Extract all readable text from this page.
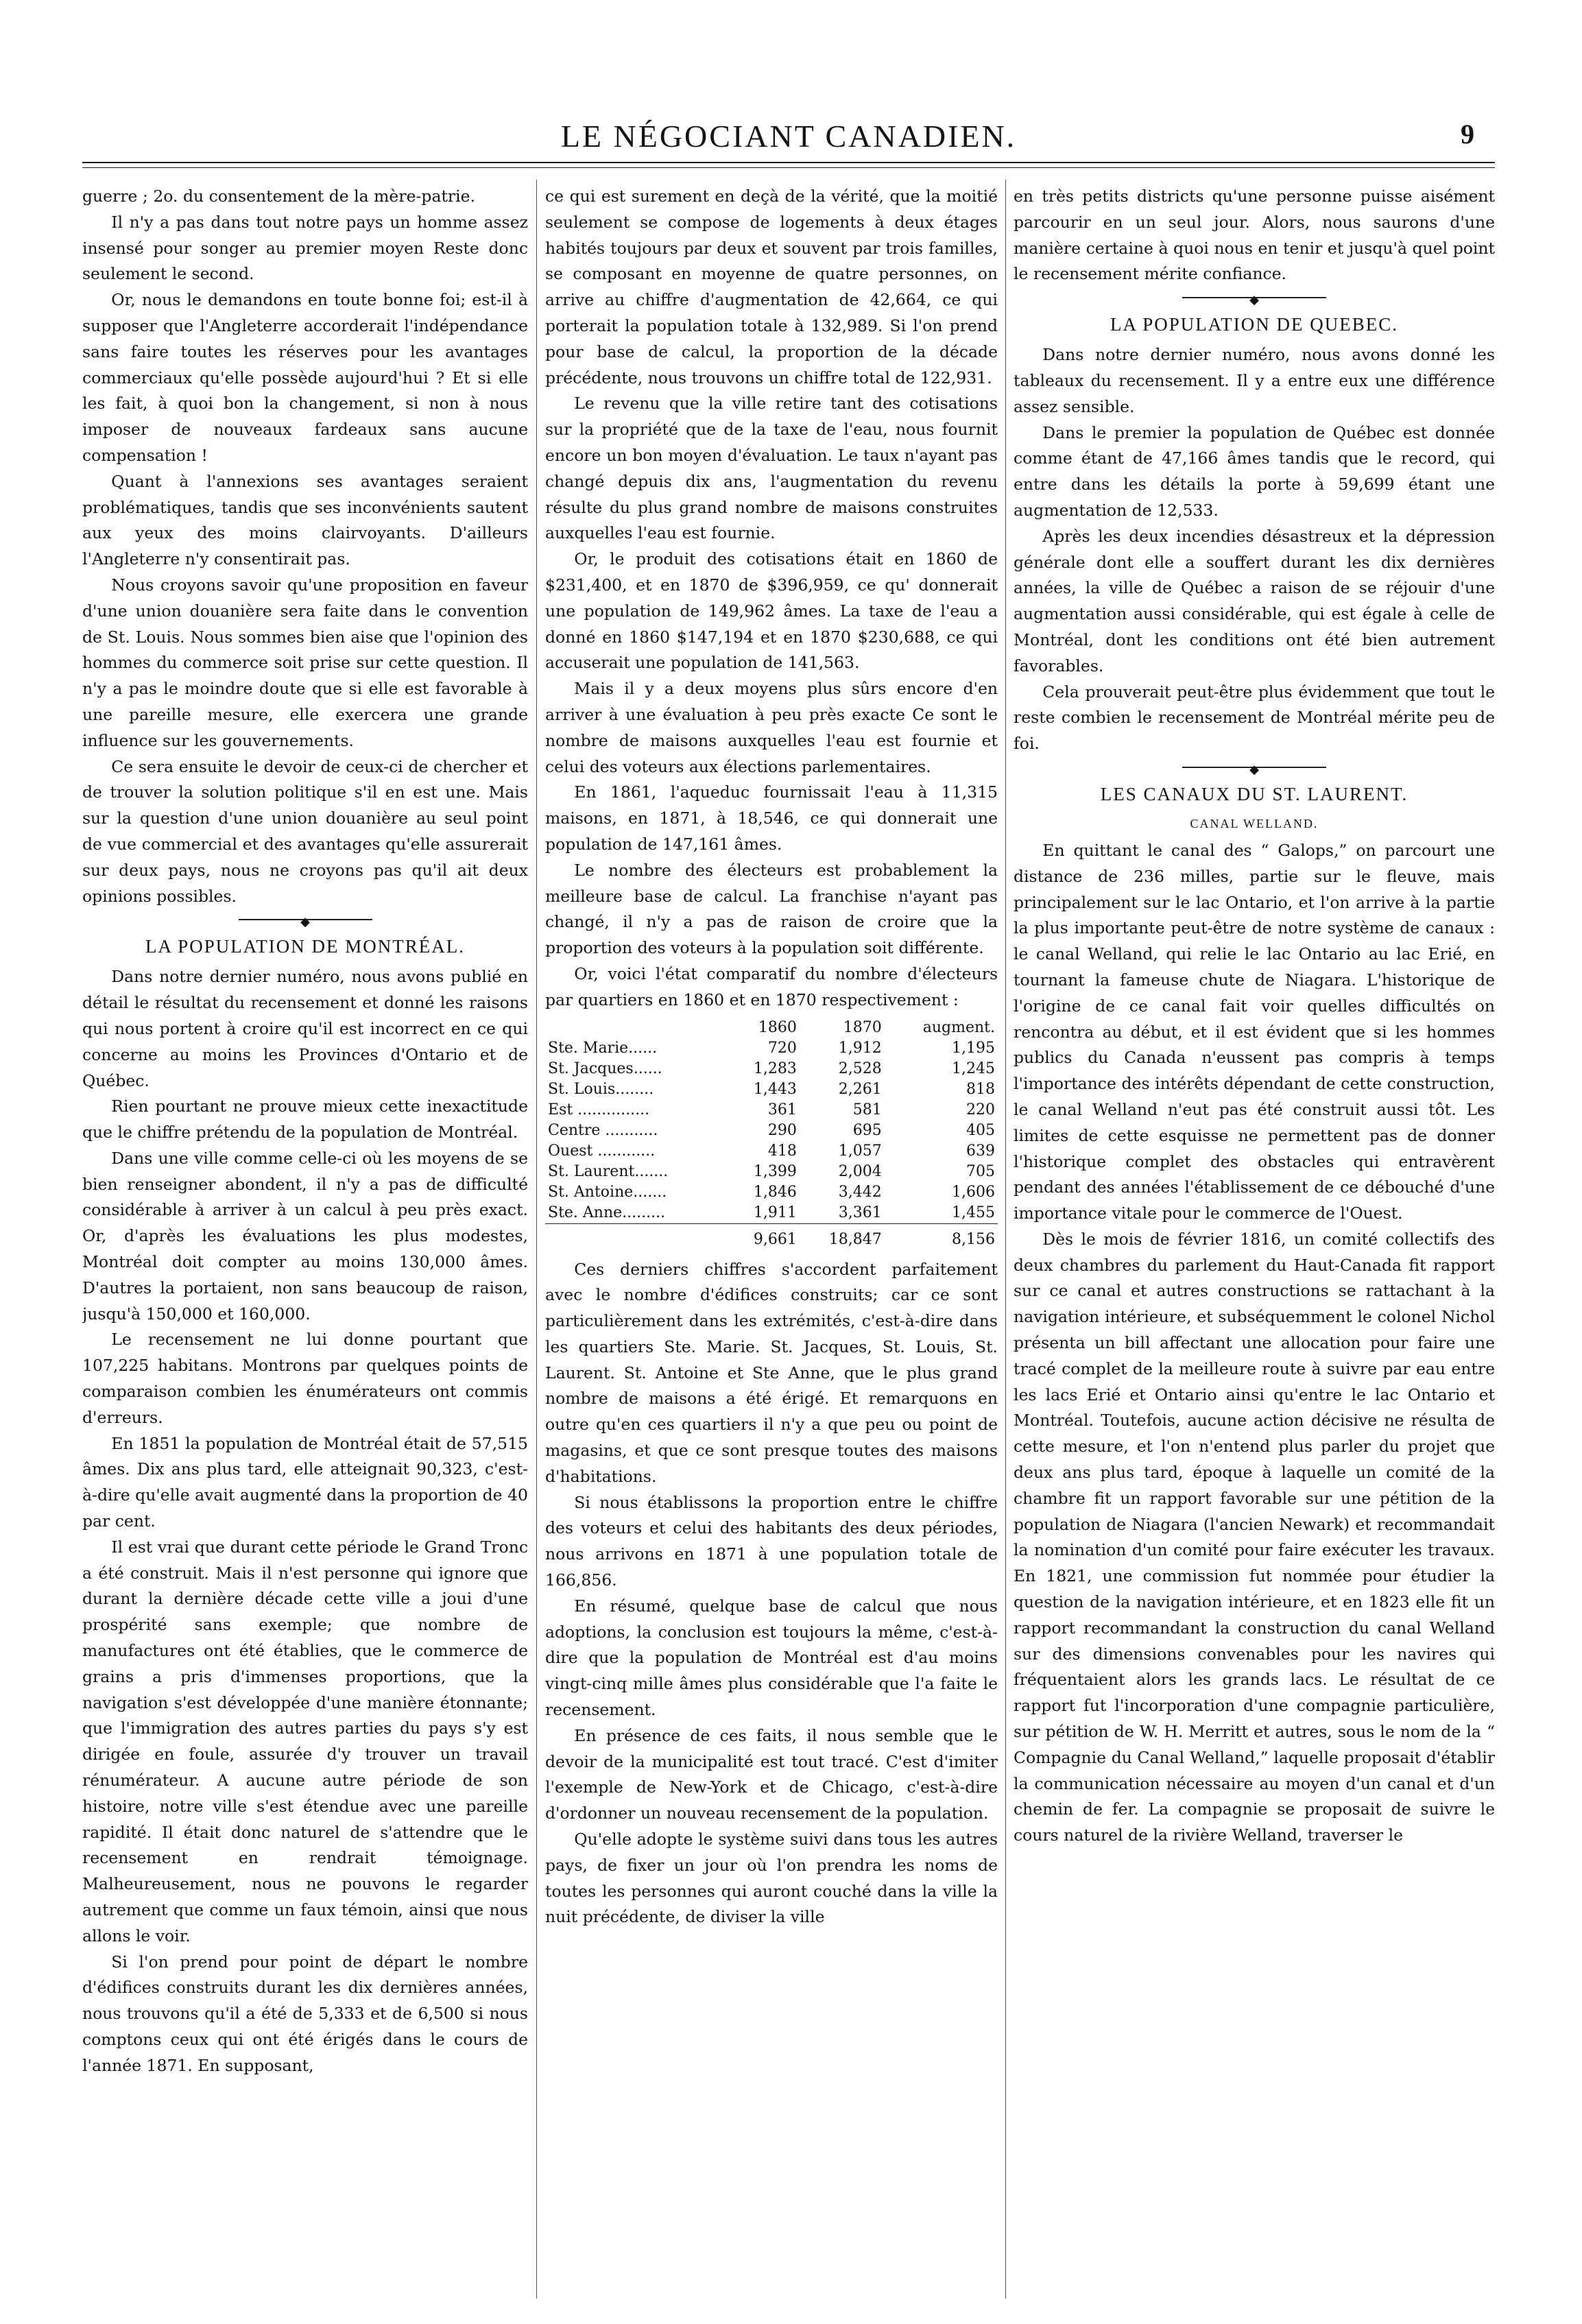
LE NÉGOCIANT CANADIEN.	9

guerre ; 2o. du consentement de la mère-patrie.

Il n'y a pas dans tout notre pays un homme assez insensé pour songer au premier moyen Reste donc seulement le second.

Or, nous le demandons en toute bonne foi; est-il à supposer que l'Angleterre accorderait l'indépendance sans faire toutes les réserves pour les avantages commerciaux qu'elle possède aujourd'hui ? Et si elle les fait, à quoi bon la changement, si non à nous imposer de nouveaux fardeaux sans aucune compensation !

Quant à l'annexions ses avantages seraient problématiques, tandis que ses inconvénients sautent aux yeux des moins clairvoyants. D'ailleurs l'Angleterre n'y consentirait pas.

Nous croyons savoir qu'une proposition en faveur d'une union douanière sera faite dans le convention de St. Louis. Nous sommes bien aise que l'opinion des hommes du commerce soit prise sur cette question. Il n'y a pas le moindre doute que si elle est favorable à une pareille mesure, elle exercera une grande influence sur les gouvernements.

Ce sera ensuite le devoir de ceux-ci de chercher et de trouver la solution politique s'il en est une. Mais sur la question d'une union douanière au seul point de vue commercial et des avantages qu'elle assurerait sur deux pays, nous ne croyons pas qu'il ait deux opinions possibles.

◆
LA POPULATION DE MONTRÉAL.

Dans notre dernier numéro, nous avons publié en détail le résultat du recensement et donné les raisons qui nous portent à croire qu'il est incorrect en ce qui concerne au moins les Provinces d'Ontario et de Québec.

Rien pourtant ne prouve mieux cette inexactitude que le chiffre prétendu de la population de Montréal.

Dans une ville comme celle-ci où les moyens de se bien renseigner abondent, il n'y a pas de difficulté considérable à arriver à un calcul à peu près exact. Or, d'après les évaluations les plus modestes, Montréal doit compter au moins 130,000 âmes. D'autres la portaient, non sans beaucoup de raison, jusqu'à 150,000 et 160,000.

Le recensement ne lui donne pourtant que 107,225 habitans. Montrons par quelques points de comparaison combien les énumérateurs ont commis d'erreurs.

En 1851 la population de Montréal était de 57,515 âmes. Dix ans plus tard, elle atteignait 90,323, c'est-à-dire qu'elle avait augmenté dans la proportion de 40 par cent.

Il est vrai que durant cette période le Grand Tronc a été construit. Mais il n'est personne qui ignore que durant la dernière décade cette ville a joui d'une prospérité sans exemple; que nombre de manufactures ont été établies, que le commerce de grains a pris d'immenses proportions, que la navigation s'est développée d'une manière étonnante; que l'immigration des autres parties du pays s'y est dirigée en foule, assurée d'y trouver un travail rénumérateur. A aucune autre période de son histoire, notre ville s'est étendue avec une pareille rapidité. Il était donc naturel de s'attendre que le recensement en rendrait témoignage. Malheureusement, nous ne pouvons le regarder autrement que comme un faux témoin, ainsi que nous allons le voir.

Si l'on prend pour point de départ le nombre d'édifices construits durant les dix dernières années, nous trouvons qu'il a été de 5,333 et de 6,500 si nous comptons ceux qui ont été érigés dans le cours de l'année 1871. En supposant,

ce qui est surement en deçà de la vérité, que la moitié seulement se compose de logements à deux étages habités toujours par deux et souvent par trois familles, se composant en moyenne de quatre personnes, on arrive au chiffre d'augmentation de 42,664, ce qui porterait la population totale à 132,989. Si l'on prend pour base de calcul, la proportion de la décade précédente, nous trouvons un chiffre total de 122,931.

Le revenu que la ville retire tant des cotisations sur la propriété que de la taxe de l'eau, nous fournit encore un bon moyen d'évaluation. Le taux n'ayant pas changé depuis dix ans, l'augmentation du revenu résulte du plus grand nombre de maisons construites auxquelles l'eau est fournie.

Or, le produit des cotisations était en 1860 de $231,400, et en 1870 de $396,959, ce qu' donnerait une population de 149,962 âmes. La taxe de l'eau a donné en 1860 $147,194 et en 1870 $230,688, ce qui accuserait une population de 141,563.

Mais il y a deux moyens plus sûrs encore d'en arriver à une évaluation à peu près exacte Ce sont le nombre de maisons auxquelles l'eau est fournie et celui des voteurs aux élections parlementaires.

En 1861, l'aqueduc fournissait l'eau à 11,315 maisons, en 1871, à 18,546, ce qui donnerait une population de 147,161 âmes.

Le nombre des électeurs est probablement la meilleure base de calcul. La franchise n'ayant pas changé, il n'y a pas de raison de croire que la proportion des voteurs à la population soit différente.

Or, voici l'état comparatif du nombre d'électeurs par quartiers en 1860 et en 1870 respectivement :

	1860	1870	augment.
Ste. Marie......	720	1,912	1,195
St. Jacques......	1,283	2,528	1,245
St. Louis........	1,443	2,261	818
Est ...............	361	581	220
Centre ...........	290	695	405
Ouest ............	418	1,057	639
St. Laurent.......	1,399	2,004	705
St. Antoine.......	1,846	3,442	1,606
Ste. Anne.........	1,911	3,361	1,455
	9,661	18,847	8,156

Ces derniers chiffres s'accordent parfaitement avec le nombre d'édifices construits; car ce sont particulièrement dans les extrémités, c'est-à-dire dans les quartiers Ste. Marie. St. Jacques, St. Louis, St. Laurent. St. Antoine et Ste Anne, que le plus grand nombre de maisons a été érigé. Et remarquons en outre qu'en ces quartiers il n'y a que peu ou point de magasins, et que ce sont presque toutes des maisons d'habitations.

Si nous établissons la proportion entre le chiffre des voteurs et celui des habitants des deux périodes, nous arrivons en 1871 à une population totale de 166,856.

En résumé, quelque base de calcul que nous adoptions, la conclusion est toujours la même, c'est-à-dire que la population de Montréal est d'au moins vingt-cinq mille âmes plus considérable que l'a faite le recensement.

En présence de ces faits, il nous semble que le devoir de la municipalité est tout tracé. C'est d'imiter l'exemple de New-York et de Chicago, c'est-à-dire d'ordonner un nouveau recensement de la population.

Qu'elle adopte le système suivi dans tous les autres pays, de fixer un jour où l'on prendra les noms de toutes les personnes qui auront couché dans la ville la nuit précédente, de diviser la ville

en très petits districts qu'une personne puisse aisément parcourir en un seul jour. Alors, nous saurons d'une manière certaine à quoi nous en tenir et jusqu'à quel point le recensement mérite confiance.

◆
LA POPULATION DE QUEBEC.

Dans notre dernier numéro, nous avons donné les tableaux du recensement. Il y a entre eux une différence assez sensible.

Dans le premier la population de Québec est donnée comme étant de 47,166 âmes tandis que le record, qui entre dans les détails la porte à 59,699 étant une augmentation de 12,533.

Après les deux incendies désastreux et la dépression générale dont elle a souffert durant les dix dernières années, la ville de Québec a raison de se réjouir d'une augmentation aussi considérable, qui est égale à celle de Montréal, dont les conditions ont été bien autrement favorables.

Cela prouverait peut-être plus évidemment que tout le reste combien le recensement de Montréal mérite peu de foi.

◆
LES CANAUX DU ST. LAURENT.
CANAL WELLAND.

En quittant le canal des “ Galops,” on parcourt une distance de 236 milles, partie sur le fleuve, mais principalement sur le lac Ontario, et l'on arrive à la partie la plus importante peut-être de notre système de canaux : le canal Welland, qui relie le lac Ontario au lac Erié, en tournant la fameuse chute de Niagara. L'historique de l'origine de ce canal fait voir quelles difficultés on rencontra au début, et il est évident que si les hommes publics du Canada n'eussent pas compris à temps l'importance des intérêts dépendant de cette construction, le canal Welland n'eut pas été construit aussi tôt. Les limites de cette esquisse ne permettent pas de donner l'historique complet des obstacles qui entravèrent pendant des années l'établissement de ce débouché d'une importance vitale pour le commerce de l'Ouest.

Dès le mois de février 1816, un comité collectifs des deux chambres du parlement du Haut-Canada fit rapport sur ce canal et autres constructions se rattachant à la navigation intérieure, et subséquemment le colonel Nichol présenta un bill affectant une allocation pour faire une tracé complet de la meilleure route à suivre par eau entre les lacs Erié et Ontario ainsi qu'entre le lac Ontario et Montréal. Toutefois, aucune action décisive ne résulta de cette mesure, et l'on n'entend plus parler du projet que deux ans plus tard, époque à laquelle un comité de la chambre fit un rapport favorable sur une pétition de la population de Niagara (l'ancien Newark) et recommandait la nomination d'un comité pour faire exécuter les travaux. En 1821, une commission fut nommée pour étudier la question de la navigation intérieure, et en 1823 elle fit un rapport recommandant la construction du canal Welland sur des dimensions convenables pour les navires qui fréquentaient alors les grands lacs. Le résultat de ce rapport fut l'incorporation d'une compagnie particulière, sur pétition de W. H. Merritt et autres, sous le nom de la “ Compagnie du Canal Welland,” laquelle proposait d'établir la communication nécessaire au moyen d'un canal et d'un chemin de fer. La compagnie se proposait de suivre le cours naturel de la rivière Welland, traverser le
